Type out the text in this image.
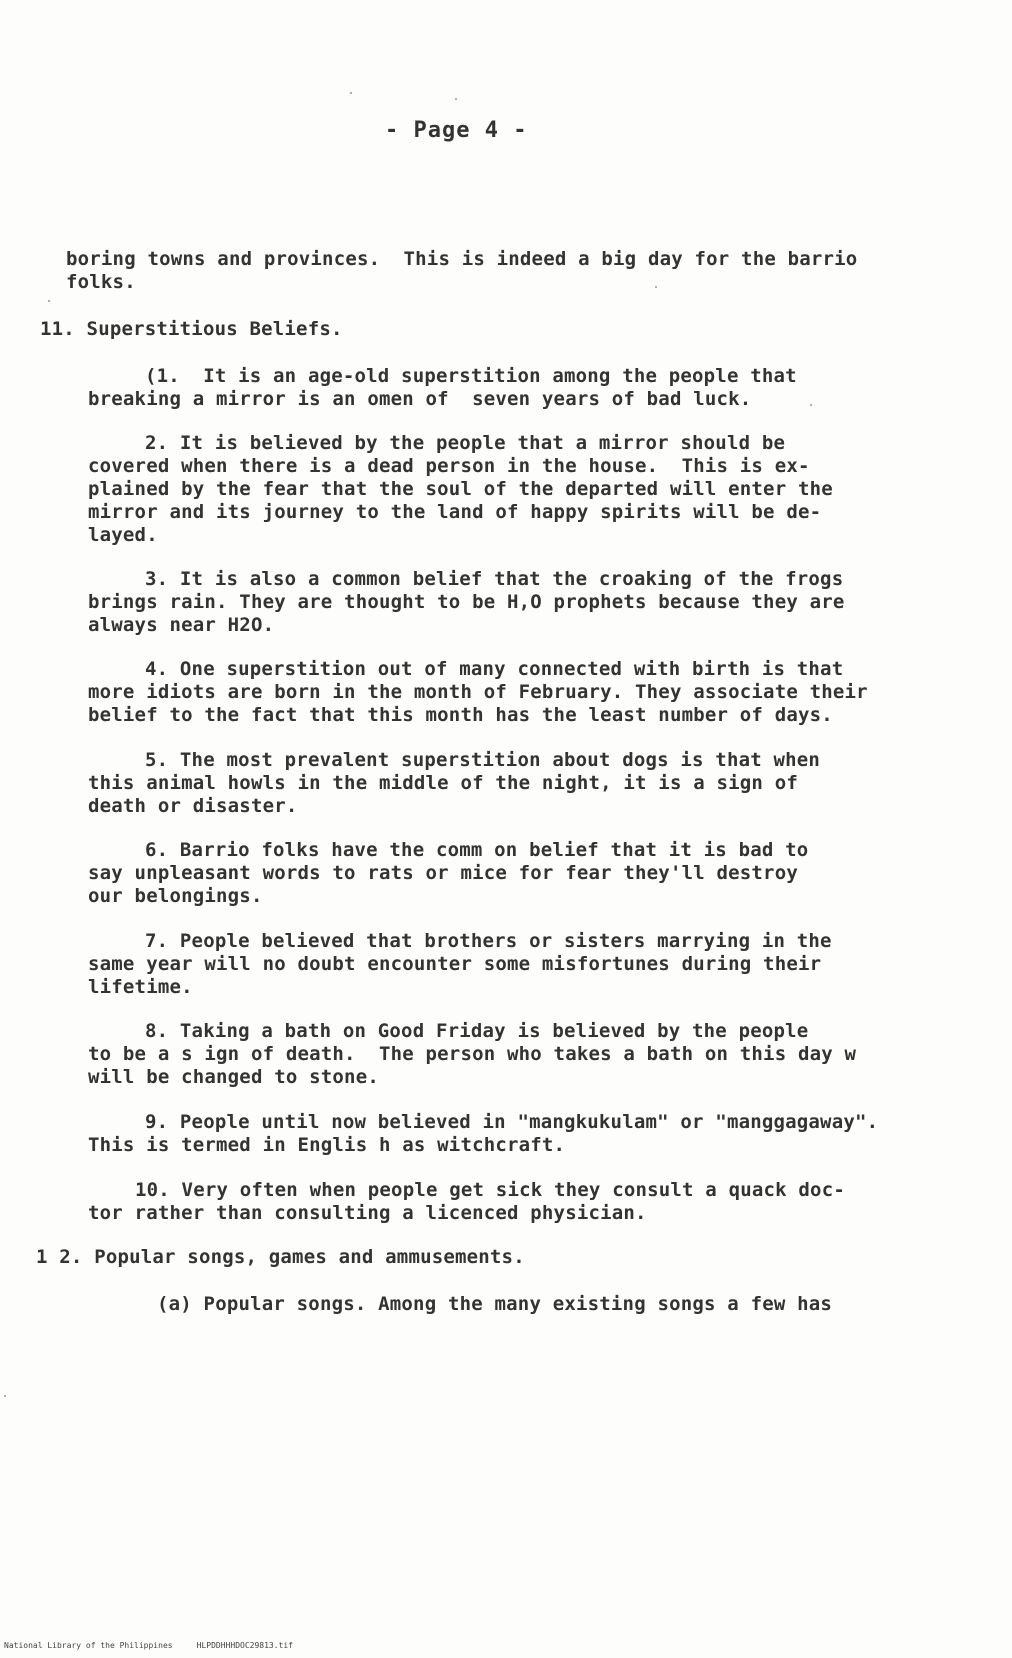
- Page 4 -
boring towns and provinces.  This is indeed a big day for the barrio
folks.
11. Superstitious Beliefs.
(1.  It is an age-old superstition among the people that
breaking a mirror is an omen of  seven years of bad luck.
2. It is believed by the people that a mirror should be
covered when there is a dead person in the house.  This is ex-
plained by the fear that the soul of the departed will enter the
mirror and its journey to the land of happy spirits will be de-
layed.
3. It is also a common belief that the croaking of the frogs
brings rain. They are thought to be H,O prophets because they are
always near H2O.
4. One superstition out of many connected with birth is that
more idiots are born in the month of February. They associate their
belief to the fact that this month has the least number of days.
5. The most prevalent superstition about dogs is that when
this animal howls in the middle of the night, it is a sign of
death or disaster.
6. Barrio folks have the comm on belief that it is bad to
say unpleasant words to rats or mice for fear they'll destroy
our belongings.
7. People believed that brothers or sisters marrying in the
same year will no doubt encounter some misfortunes during their
lifetime.
8. Taking a bath on Good Friday is believed by the people
to be a s ign of death.  The person who takes a bath on this day w
will be changed to stone.
9. People until now believed in "mangkukulam" or "manggagaway".
This is termed in Englis h as witchcraft.
10. Very often when people get sick they consult a quack doc-
tor rather than consulting a licenced physician.
1 2. Popular songs, games and ammusements.
(a) Popular songs. Among the many existing songs a few has
National Library of the Philippines     HLPDDHHHDOC29813.tif
